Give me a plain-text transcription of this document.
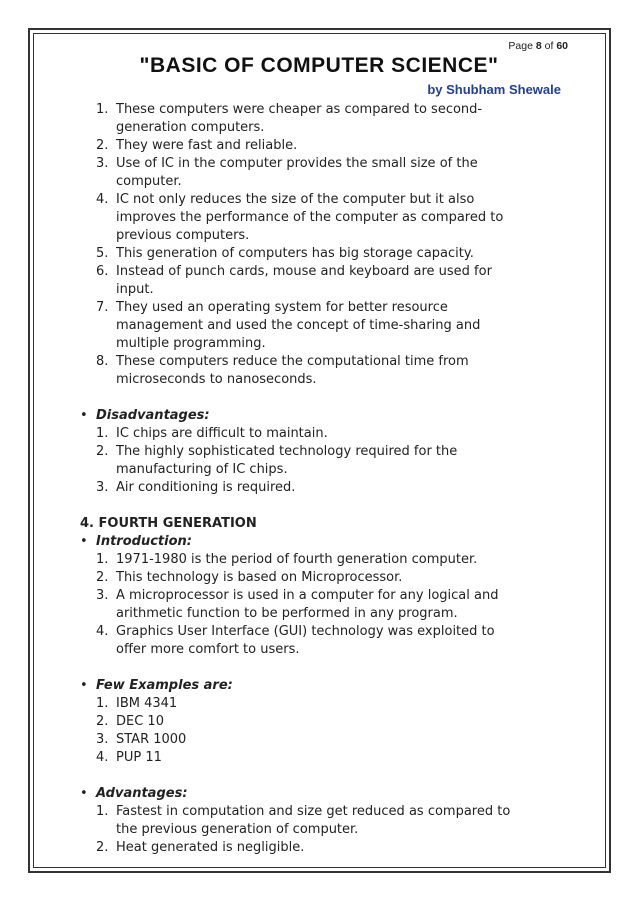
Page 8 of 60
"BASIC OF COMPUTER SCIENCE"
by Shubham Shewale
1. These computers were cheaper as compared to second-
generation computers.
2. They were fast and reliable.
3. Use of IC in the computer provides the small size of the
computer.
4. IC not only reduces the size of the computer but it also
improves the performance of the computer as compared to
previous computers.
5. This generation of computers has big storage capacity.
6. Instead of punch cards, mouse and keyboard are used for
input.
7. They used an operating system for better resource
management and used the concept of time-sharing and
multiple programming.
8. These computers reduce the computational time from
microseconds to nanoseconds.
• Disadvantages:
1. IC chips are difficult to maintain.
2. The highly sophisticated technology required for the
manufacturing of IC chips.
3. Air conditioning is required.
4. FOURTH GENERATION
• Introduction:
1. 1971-1980 is the period of fourth generation computer.
2. This technology is based on Microprocessor.
3. A microprocessor is used in a computer for any logical and
arithmetic function to be performed in any program.
4. Graphics User Interface (GUI) technology was exploited to
offer more comfort to users.
• Few Examples are:
1. IBM 4341
2. DEC 10
3. STAR 1000
4. PUP 11
• Advantages:
1. Fastest in computation and size get reduced as compared to
the previous generation of computer.
2. Heat generated is negligible.
